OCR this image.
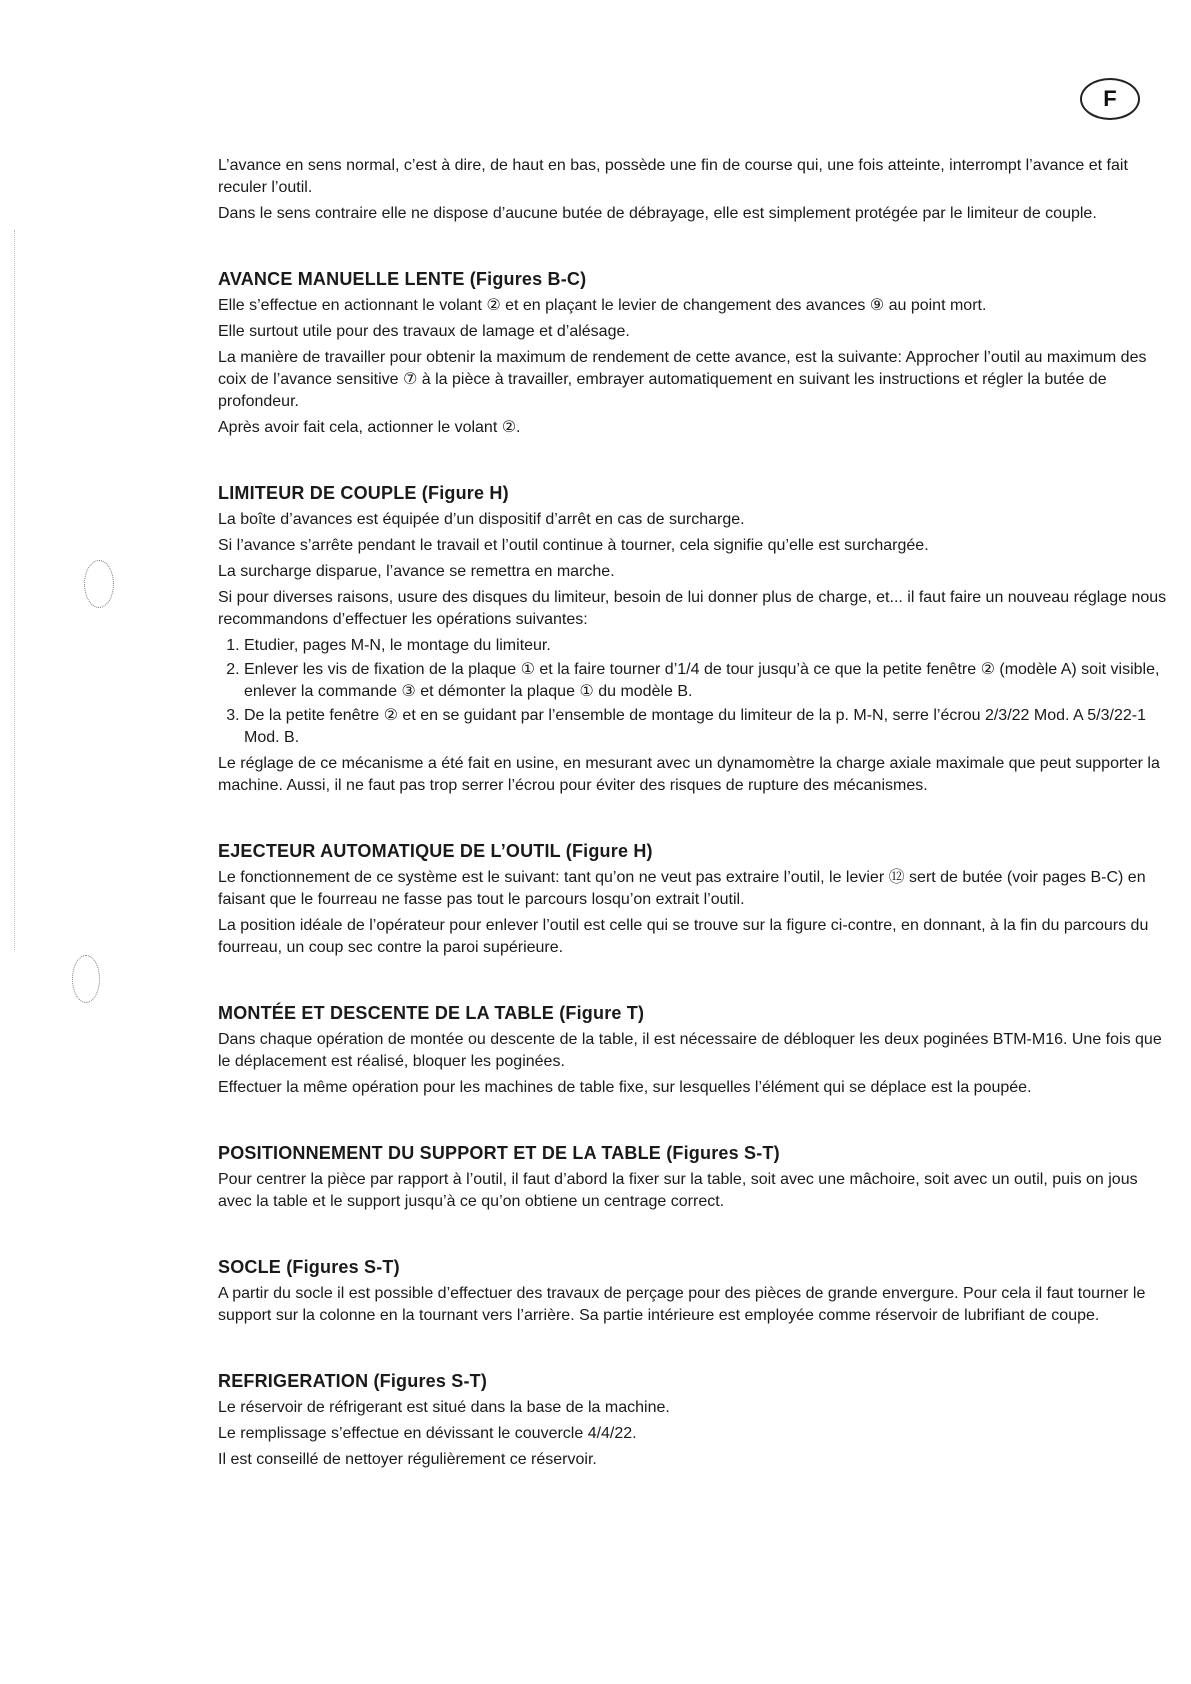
F

L’avance en sens normal, c’est à dire, de haut en bas, possède une fin de course qui, une fois atteinte, interrompt l’avance et fait reculer l’outil.

Dans le sens contraire elle ne dispose d’aucune butée de débrayage, elle est simplement protégée par le limiteur de couple.

AVANCE MANUELLE LENTE (Figures B-C)

Elle s’effectue en actionnant le volant ② et en plaçant le levier de changement des avances ⑨ au point mort.

Elle surtout utile pour des travaux de lamage et d’alésage.

La manière de travailler pour obtenir la maximum de rendement de cette avance, est la suivante: Approcher l’outil au maximum des coix de l’avance sensitive ⑦ à la pièce à travailler, embrayer automatiquement en suivant les instructions et régler la butée de profondeur.

Après avoir fait cela, actionner le volant ②.

LIMITEUR DE COUPLE (Figure H)

La boîte d’avances est équipée d’un dispositif d’arrêt en cas de surcharge.

Si l’avance s’arrête pendant le travail et l’outil continue à tourner, cela signifie qu’elle est surchargée.

La surcharge disparue, l’avance se remettra en marche.

Si pour diverses raisons, usure des disques du limiteur, besoin de lui donner plus de charge, et... il faut faire un nouveau réglage nous recommandons d’effectuer les opérations suivantes:

1. Etudier, pages M-N, le montage du limiteur.
2. Enlever les vis de fixation de la plaque ① et la faire tourner d’1/4 de tour jusqu’à ce que la petite fenêtre ② (modèle A) soit visible, enlever la commande ③ et démonter la plaque ① du modèle B.
3. De la petite fenêtre ② et en se guidant par l’ensemble de montage du limiteur de la p. M-N, serre l’écrou 2/3/22 Mod. A 5/3/22-1 Mod. B.

Le réglage de ce mécanisme a été fait en usine, en mesurant avec un dynamomètre la charge axiale maximale que peut supporter la machine. Aussi, il ne faut pas trop serrer l’écrou pour éviter des risques de rupture des mécanismes.

EJECTEUR AUTOMATIQUE DE L’OUTIL (Figure H)

Le fonctionnement de ce système est le suivant: tant qu’on ne veut pas extraire l’outil, le levier ⑫ sert de butée (voir pages B-C) en faisant que le fourreau ne fasse pas tout le parcours losqu’on extrait l’outil.

La position idéale de l’opérateur pour enlever l’outil est celle qui se trouve sur la figure ci-contre, en donnant, à la fin du parcours du fourreau, un coup sec contre la paroi supérieure.

MONTÉE ET DESCENTE DE LA TABLE (Figure T)

Dans chaque opération de montée ou descente de la table, il est nécessaire de débloquer les deux poginées BTM-M16. Une fois que le déplacement est réalisé, bloquer les poginées.

Effectuer la même opération pour les machines de table fixe, sur lesquelles l’élément qui se déplace est la poupée.

POSITIONNEMENT DU SUPPORT ET DE LA TABLE (Figures S-T)

Pour centrer la pièce par rapport à l’outil, il faut d’abord la fixer sur la table, soit avec une mâchoire, soit avec un outil, puis on jous avec la table et le support jusqu’à ce qu’on obtiene un centrage correct.

SOCLE (Figures S-T)

A partir du socle il est possible d’effectuer des travaux de perçage pour des pièces de grande envergure. Pour cela il faut tourner le support sur la colonne en la tournant vers l’arrière. Sa partie intérieure est employée comme réservoir de lubrifiant de coupe.

REFRIGERATION (Figures S-T)

Le réservoir de réfrigerant est situé dans la base de la machine.

Le remplissage s’effectue en dévissant le couvercle 4/4/22.

Il est conseillé de nettoyer régulièrement ce réservoir.
